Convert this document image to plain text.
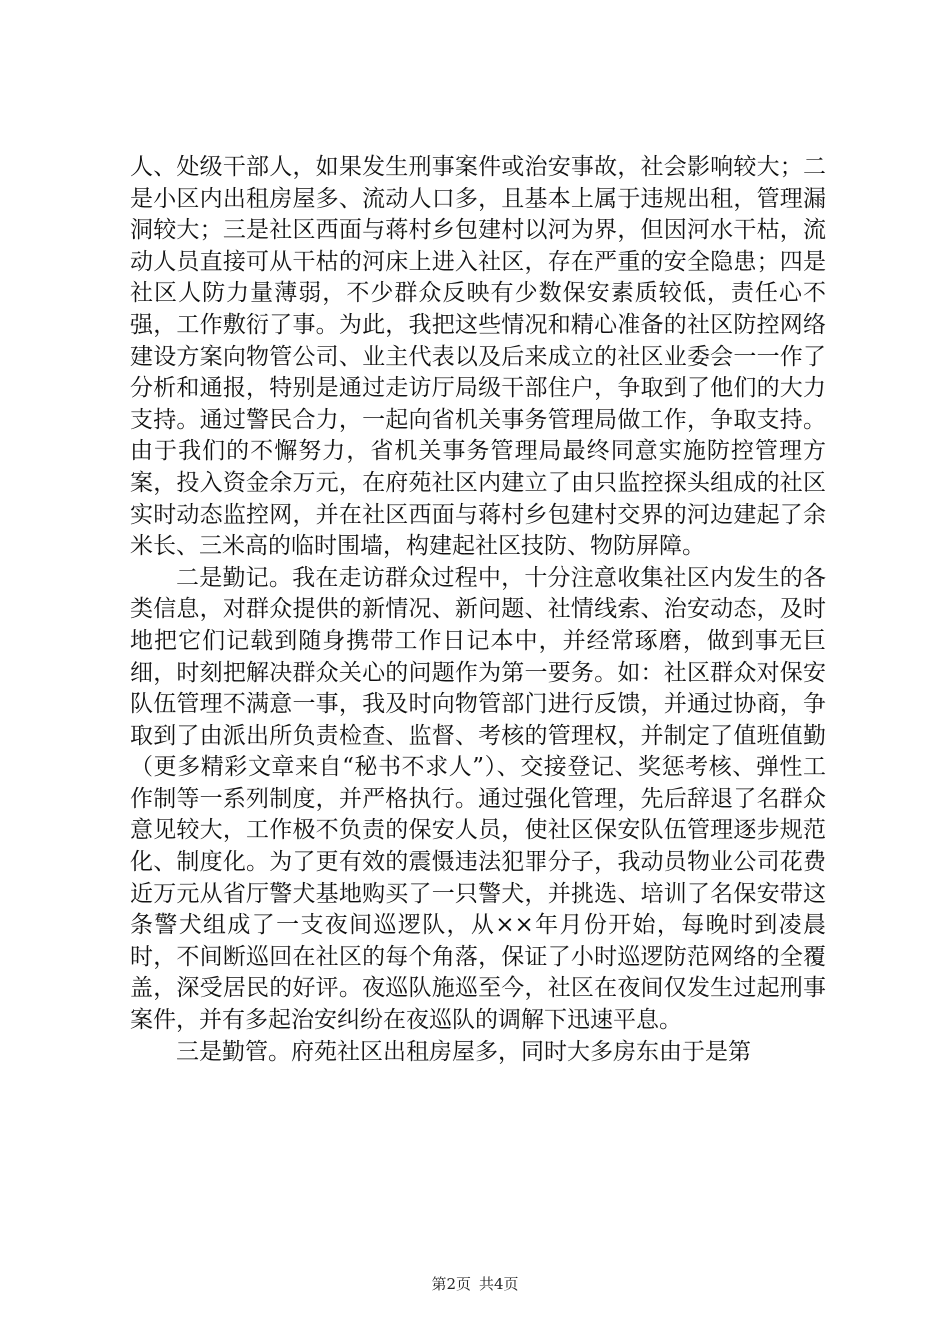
人、处级干部人，如果发生刑事案件或治安事故，社会影响较大；二是小区内出租房屋多、流动人口多，且基本上属于违规出租，管理漏洞较大；三是社区西面与蒋村乡包建村以河为界，但因河水干枯，流动人员直接可从干枯的河床上进入社区，存在严重的安全隐患；四是社区人防力量薄弱，不少群众反映有少数保安素质较低，责任心不强，工作敷衍了事。为此，我把这些情况和精心准备的社区防控网络建设方案向物管公司、业主代表以及后来成立的社区业委会一一作了分析和通报，特别是通过走访厅局级干部住户，争取到了他们的大力支持。通过警民合力，一起向省机关事务管理局做工作，争取支持。由于我们的不懈努力，省机关事务管理局最终同意实施防控管理方案，投入资金余万元，在府苑社区内建立了由只监控探头组成的社区实时动态监控网，并在社区西面与蒋村乡包建村交界的河边建起了余米长、三米高的临时围墙，构建起社区技防、物防屏障。

二是勤记。我在走访群众过程中，十分注意收集社区内发生的各类信息，对群众提供的新情况、新问题、社情线索、治安动态，及时地把它们记载到随身携带工作日记本中，并经常琢磨，做到事无巨细，时刻把解决群众关心的问题作为第一要务。如：社区群众对保安队伍管理不满意一事，我及时向物管部门进行反馈，并通过协商，争取到了由派出所负责检查、监督、考核的管理权，并制定了值班值勤（更多精彩文章来自“秘书不求人”）、交接登记、奖惩考核、弹性工作制等一系列制度，并严格执行。通过强化管理，先后辞退了名群众意见较大，工作极不负责的保安人员，使社区保安队伍管理逐步规范化、制度化。为了更有效的震慑违法犯罪分子，我动员物业公司花费近万元从省厅警犬基地购买了一只警犬，并挑选、培训了名保安带这条警犬组成了一支夜间巡逻队，从××年月份开始，每晚时到凌晨时，不间断巡回在社区的每个角落，保证了小时巡逻防范网络的全覆盖，深受居民的好评。夜巡队施巡至今，社区在夜间仅发生过起刑事案件，并有多起治安纠纷在夜巡队的调解下迅速平息。

三是勤管。府苑社区出租房屋多，同时大多房东由于是第

第2页 共4页
